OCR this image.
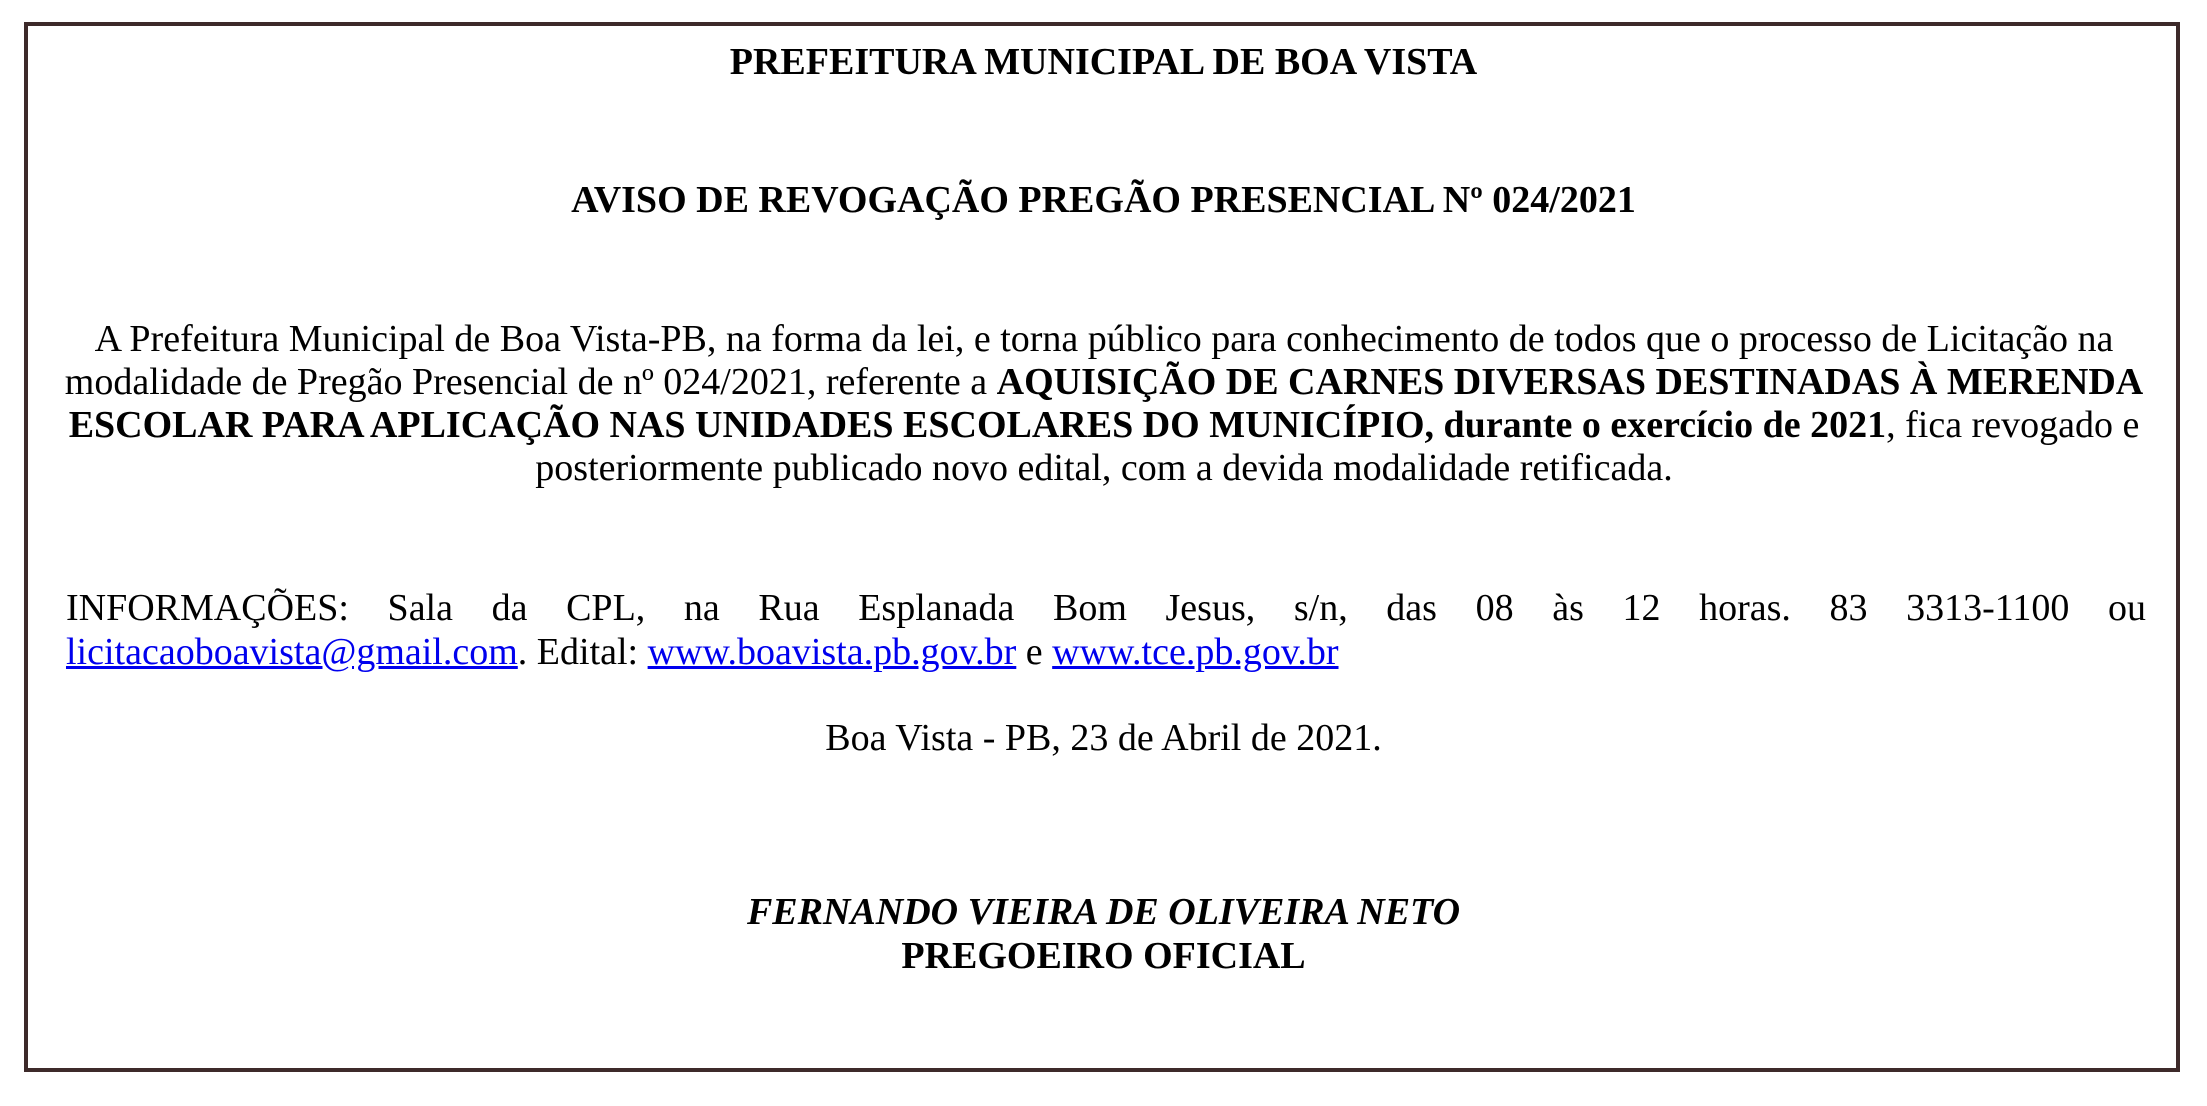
PREFEITURA MUNICIPAL DE BOA VISTA
AVISO DE REVOGAÇÃO PREGÃO PRESENCIAL Nº 024/2021
A Prefeitura Municipal de Boa Vista-PB, na forma da lei, e torna público para conhecimento de todos que o processo de Licitação na modalidade de Pregão Presencial de nº 024/2021, referente a AQUISIÇÃO DE CARNES DIVERSAS DESTINADAS À MERENDA ESCOLAR PARA APLICAÇÃO NAS UNIDADES ESCOLARES DO MUNICÍPIO, durante o exercício de 2021, fica revogado e posteriormente publicado novo edital, com a devida modalidade retificada.
INFORMAÇÕES: Sala da CPL, na Rua Esplanada Bom Jesus, s/n, das 08 às 12 horas. 83 3313-1100 ou
licitacaoboavista@gmail.com. Edital: www.boavista.pb.gov.br e www.tce.pb.gov.br
Boa Vista - PB, 23 de Abril de 2021.
FERNANDO VIEIRA DE OLIVEIRA NETO
PREGOEIRO OFICIAL
